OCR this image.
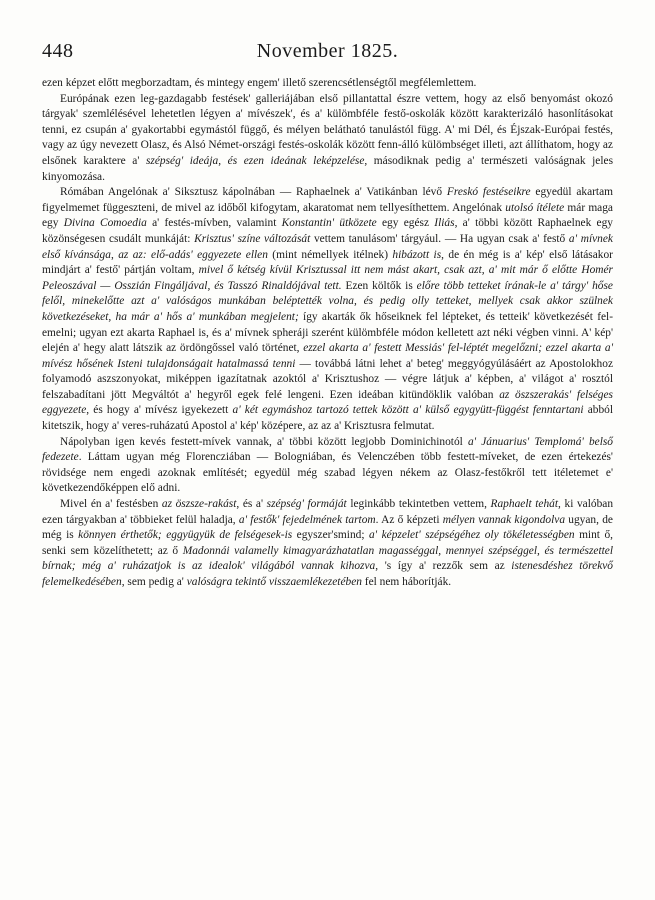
448	November 1825.

ezen képzet előtt megborzadtam, és mintegy engem' illető szerencsétlenségtől megfélemlettem.

Európának ezen leg-gazdagabb festések' galleriájában első pillantattal észre vettem, hogy az első benyomást okozó tárgyak' szemlélésével lehetetlen légyen a' mívészek', és a' külömbféle festő-oskolák között karakterizáló hasonlításokat tenni, ez csupán a' gyakortabbi egymástól függő, és mélyen belátható tanulástól függ. A' mi Dél, és Éjszak-Európai festés, vagy az úgy nevezett Olasz, és Alsó Német-országi festés-oskolák között fenn-álló külömbséget illeti, azt állíthatom, hogy az elsőnek karaktere a' szépség' ideája, és ezen ideának leképzelése, másodiknak pedig a' természeti valóságnak jeles kinyomozása.

Rómában Angelónak a' Siksztusz kápolnában — Raphaelnek a' Vatikánban lévő Freskó festéseikre egyedül akartam figyelmemet függeszteni, de mivel az időből kifogytam, akaratomat nem tellyesíthettem. Angelónak utolsó ítélete már maga egy Divina Comoedia a' festés-mívben, valamint Konstantin' ütközete egy egész Iliás, a' többi között Raphaelnek egy közönségesen csudált munkáját: Krisztus' színe változását vettem tanulásom' tárgyául. — Ha ugyan csak a' festő a' mívnek első kívánsága, az az: elő-adás' eggyezete ellen (mint némellyek itélnek) hibázott is, de én még is a' kép' első látásakor mindjárt a' festő' pártján voltam, mivel ő kétség kívül Krisztussal itt nem mást akart, csak azt, a' mit már ő előtte Homér Peleoszával — Osszián Fingáljával, és Tasszó Rinaldójával tett. Ezen költők is előre több tetteket írának-le a' tárgy' hőse felől, minekelőtte azt a' valóságos munkában beléptették volna, és pedig olly tetteket, mellyek csak akkor szülnek következéseket, ha már a' hős a' munkában megjelent; így akarták ők hőseiknek fel lépteket, és tetteik' következését fel-emelni; ugyan ezt akarta Raphael is, és a' mívnek spheráji szerént külömbféle módon kelletett azt néki végben vinni. A' kép' elején a' hegy alatt látszik az ördöngőssel való történet, ezzel akarta a' festett Messiás' fel-léptét megelőzni; ezzel akarta a' mívész hősének Isteni tulajdonságait hatalmassá tenni — továbbá látni lehet a' beteg' meggyógyúlásáért az Apostolokhoz folyamodó aszszonyokat, miképpen igazítatnak azoktól a' Krisztushoz — végre látjuk a' képben, a' világot a' rosztól felszabadítani jött Megváltót a' hegyről egek felé lengeni. Ezen ideában kitündöklik valóban az öszszerakás' felséges eggyezete, és hogy a' mívész igyekezett a' két egymáshoz tartozó tettek között a' külső egygyütt-függést fenntartani abból kitetszik, hogy a' veres-ruházatú Apostol a' kép' középere, az az a' Krisztusra felmutat.

Nápolyban igen kevés festett-mívek vannak, a' többi között legjobb Dominichinotól a' Jánuarius' Templomá' belső fedezete. Láttam ugyan még Florencziában — Bologniában, és Velenczében több festett-míveket, de ezen értekezés' rövidsége nem engedi azoknak említését; egyedül még szabad légyen nékem az Olasz-festőkről tett itéletemet e' következendőképpen elő adni.

Mivel én a' festésben az öszsze-rakást, és a' szépség' formáját leginkább tekintetben vettem, Raphaelt tehát, ki valóban ezen tárgyakban a' többieket felül haladja, a' festők' fejedelmének tartom. Az ő képzeti mélyen vannak kigondolva ugyan, de még is könnyen érthetők; eggyügyük de felségesek-is egyszer'smind; a' képzelet' szépségéhez oly tökéletességben mint ő, senki sem közelíthetett; az ő Madonnái valamelly kimagyarázhatatlan magasséggal, mennyei szépséggel, és természettel bírnak; még a' ruházatjok is az idealok' világából vannak kihozva, 's így a' rezzők sem az istenesdéshez törekvő felemelkedésében, sem pedig a' valóságra tekintő visszaemlékezetében fel nem háborítják.
